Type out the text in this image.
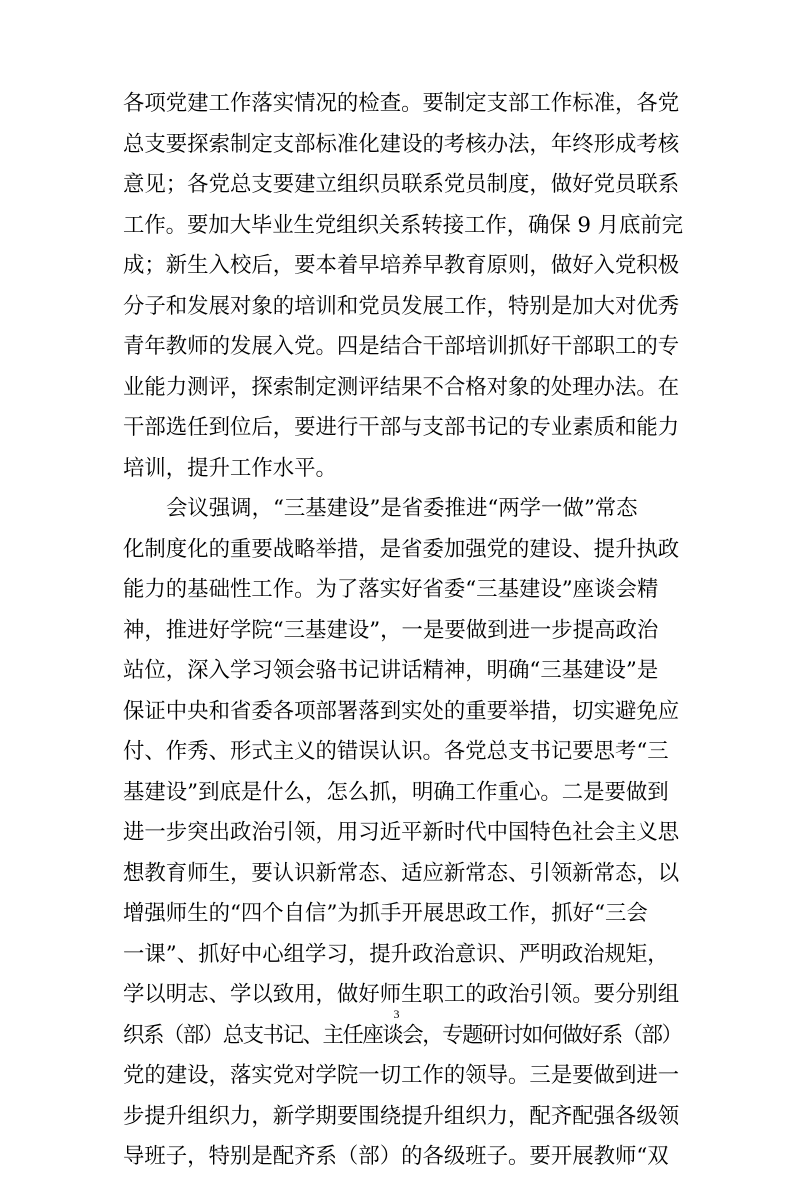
各项党建工作落实情况的检查。要制定支部工作标准，各党
总支要探索制定支部标准化建设的考核办法，年终形成考核
意见；各党总支要建立组织员联系党员制度，做好党员联系
工作。要加大毕业生党组织关系转接工作，确保 9 月底前完
成；新生入校后，要本着早培养早教育原则，做好入党积极
分子和发展对象的培训和党员发展工作，特别是加大对优秀
青年教师的发展入党。四是结合干部培训抓好干部职工的专
业能力测评，探索制定测评结果不合格对象的处理办法。在
干部选任到位后，要进行干部与支部书记的专业素质和能力
培训，提升工作水平。
会议强调，“三基建设”是省委推进“两学一做”常态
化制度化的重要战略举措，是省委加强党的建设、提升执政
能力的基础性工作。为了落实好省委“三基建设”座谈会精
神，推进好学院“三基建设”，一是要做到进一步提高政治
站位，深入学习领会骆书记讲话精神，明确“三基建设”是
保证中央和省委各项部署落到实处的重要举措，切实避免应
付、作秀、形式主义的错误认识。各党总支书记要思考“三
基建设”到底是什么，怎么抓，明确工作重心。二是要做到
进一步突出政治引领，用习近平新时代中国特色社会主义思
想教育师生，要认识新常态、适应新常态、引领新常态，以
增强师生的“四个自信”为抓手开展思政工作，抓好“三会
一课”、抓好中心组学习，提升政治意识、严明政治规矩，
学以明志、学以致用，做好师生职工的政治引领。要分别组
织系（部）总支书记、主任座谈会，专题研讨如何做好系（部）
党的建设，落实党对学院一切工作的领导。三是要做到进一
步提升组织力，新学期要围绕提升组织力，配齐配强各级领
导班子，特别是配齐系（部）的各级班子。要开展教师“双
3
